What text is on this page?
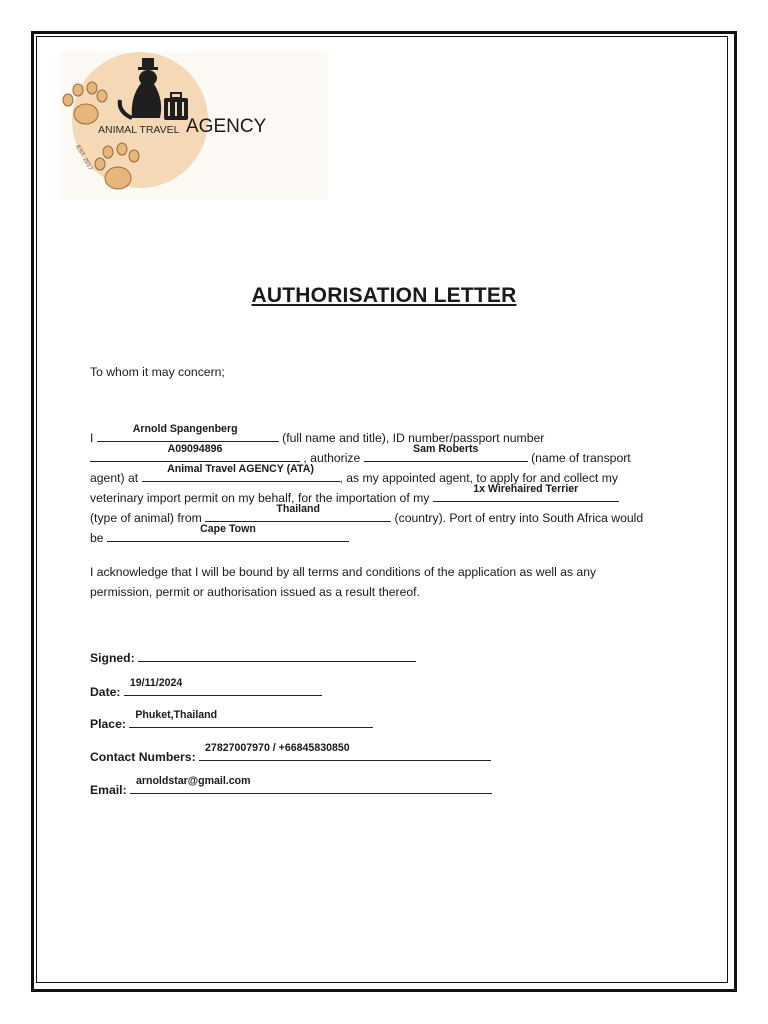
EST. 2017
ANIMAL TRAVEL AGENCY
AUTHORISATION LETTER
To whom it may concern;
I
Arnold Spangenberg
(full name and title), ID number/passport number
A09094896
, authorize
Sam Roberts
(name of transport
agent) at
Animal Travel AGENCY (ATA)
, as my appointed agent, to apply for and collect my
veterinary import permit on my behalf, for the importation of my
1x Wirehaired Terrier
(type of animal) from
Thailand
(country). Port of entry into South Africa would
be
Cape Town
I acknowledge that I will be bound by all terms and conditions of the application as well as any
permission, permit or authorisation issued as a result thereof.
Signed:
Date:
19/11/2024
Place:
Phuket,Thailand
Contact Numbers:
27827007970 / +66845830850
Email:
arnoldstar@gmail.com
